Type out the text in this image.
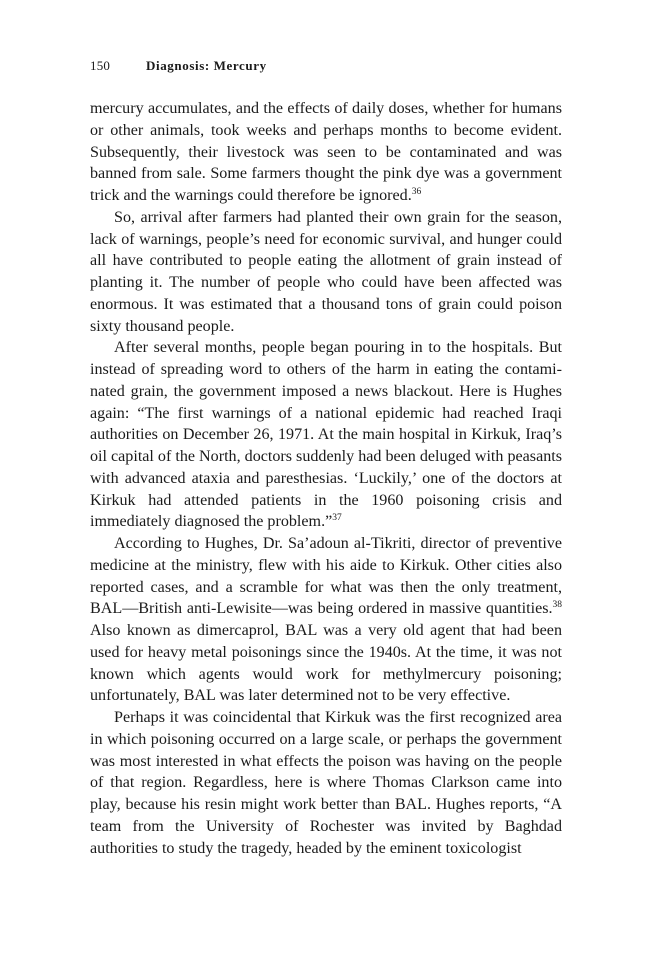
150	Diagnosis: Mercury

mercury accumulates, and the effects of daily doses, whether for humans or other animals, took weeks and perhaps months to become evident. Subsequently, their livestock was seen to be contaminated and was banned from sale. Some farmers thought the pink dye was a government trick and the warnings could therefore be ignored.$^{36}$

So, arrival after farmers had planted their own grain for the season, lack of warnings, people’s need for economic survival, and hunger could all have contributed to people eating the allotment of grain instead of planting it. The number of people who could have been affected was enormous. It was estimated that a thousand tons of grain could poison sixty thousand people.

After several months, people began pouring in to the hospitals. But instead of spreading word to others of the harm in eating the contaminated grain, the government imposed a news blackout. Here is Hughes again: “The first warnings of a national epidemic had reached Iraqi authorities on December 26, 1971. At the main hospital in Kirkuk, Iraq’s oil capital of the North, doctors suddenly had been deluged with peasants with advanced ataxia and paresthesias. ‘Luckily,’ one of the doctors at Kirkuk had attended patients in the 1960 poisoning crisis and immediately diagnosed the problem.”$^{37}$

According to Hughes, Dr. Sa’adoun al-Tikriti, director of preventive medicine at the ministry, flew with his aide to Kirkuk. Other cities also reported cases, and a scramble for what was then the only treatment, BAL—British anti-Lewisite—was being ordered in massive quantities.$^{38}$ Also known as dimercaprol, BAL was a very old agent that had been used for heavy metal poisonings since the 1940s. At the time, it was not known which agents would work for methylmercury poisoning; unfortunately, BAL was later determined not to be very effective.

Perhaps it was coincidental that Kirkuk was the first recognized area in which poisoning occurred on a large scale, or perhaps the government was most interested in what effects the poison was having on the people of that region. Regardless, here is where Thomas Clarkson came into play, because his resin might work better than BAL. Hughes reports, “A team from the University of Rochester was invited by Baghdad authorities to study the tragedy, headed by the eminent toxicologist
